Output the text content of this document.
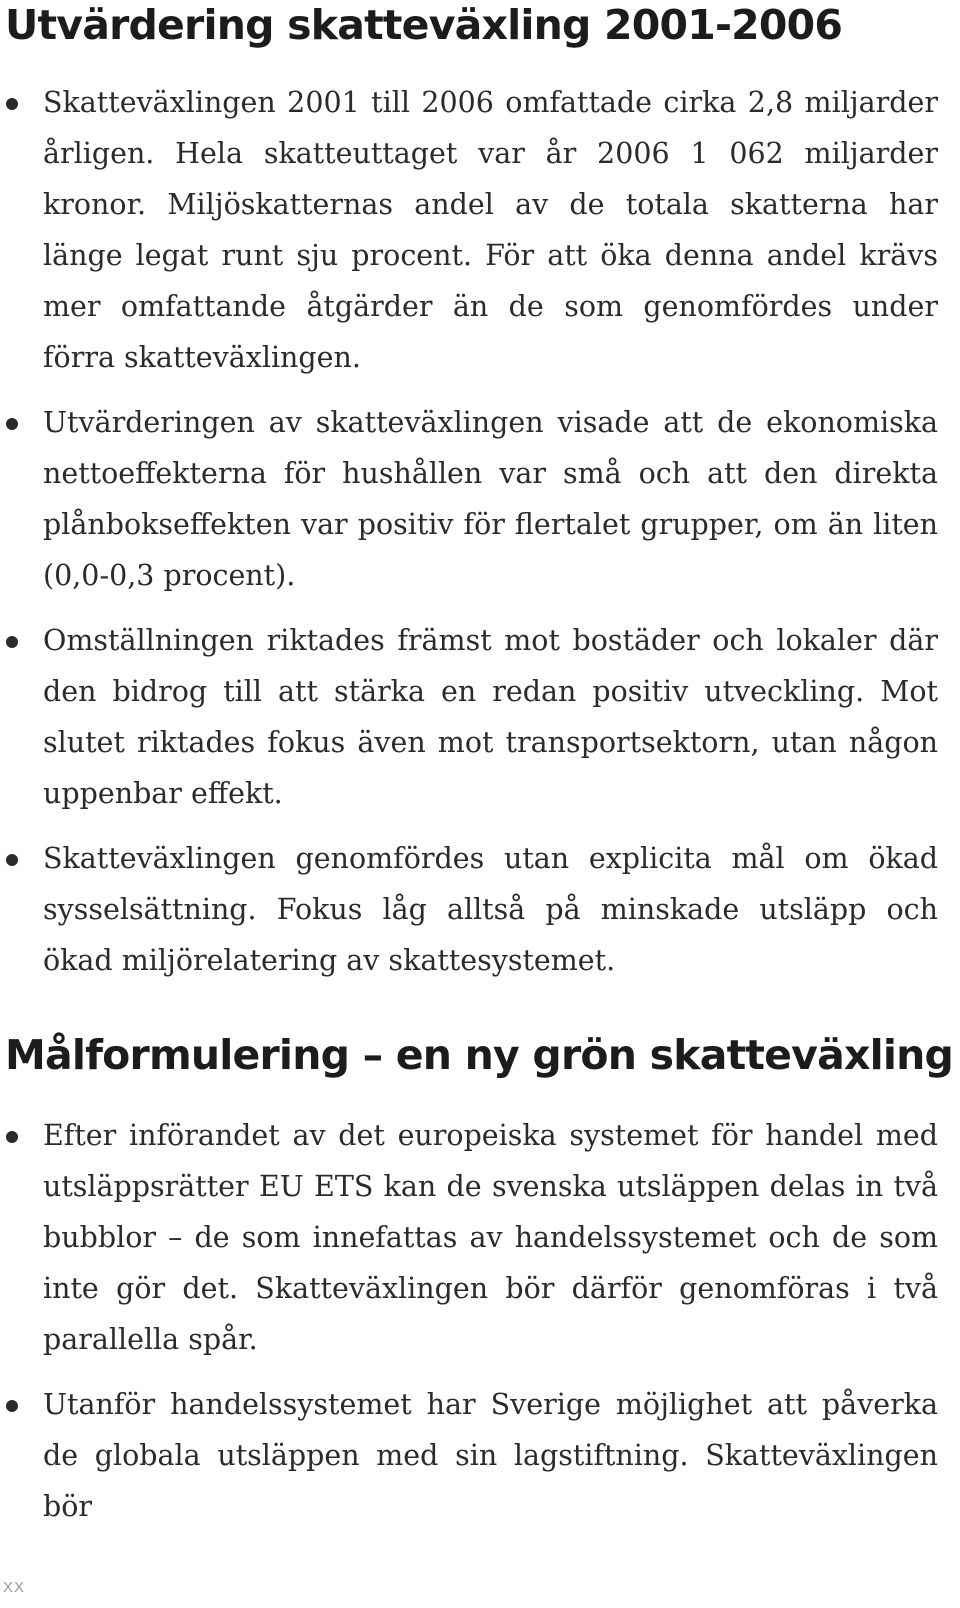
Utvärdering skatteväxling 2001-2006
Skatteväxlingen 2001 till 2006 omfattade cirka 2,8 miljarder årligen. Hela skatteuttaget var år 2006 1 062 miljarder kronor. Miljöskatternas andel av de totala skatterna har länge legat runt sju procent. För att öka denna andel krävs mer omfattande åtgärder än de som genomfördes under förra skatteväxlingen.
Utvärderingen av skatteväxlingen visade att de ekonomiska nettoeffekterna för hushållen var små och att den direkta plånbokseffekten var positiv för flertalet grupper, om än liten (0,0-0,3 procent).
Omställningen riktades främst mot bostäder och lokaler där den bidrog till att stärka en redan positiv utveckling. Mot slutet riktades fokus även mot transportsektorn, utan någon uppenbar effekt.
Skatteväxlingen genomfördes utan explicita mål om ökad sysselsättning. Fokus låg alltså på minskade utsläpp och ökad miljörelatering av skattesystemet.
Målformulering – en ny grön skatteväxling
Efter införandet av det europeiska systemet för handel med utsläppsrätter EU ETS kan de svenska utsläppen delas in två bubblor – de som innefattas av handelssystemet och de som inte gör det. Skatteväxlingen bör därför genomföras i två parallella spår.
Utanför handelssystemet har Sverige möjlighet att påverka de globala utsläppen med sin lagstiftning. Skatteväxlingen bör
XX
